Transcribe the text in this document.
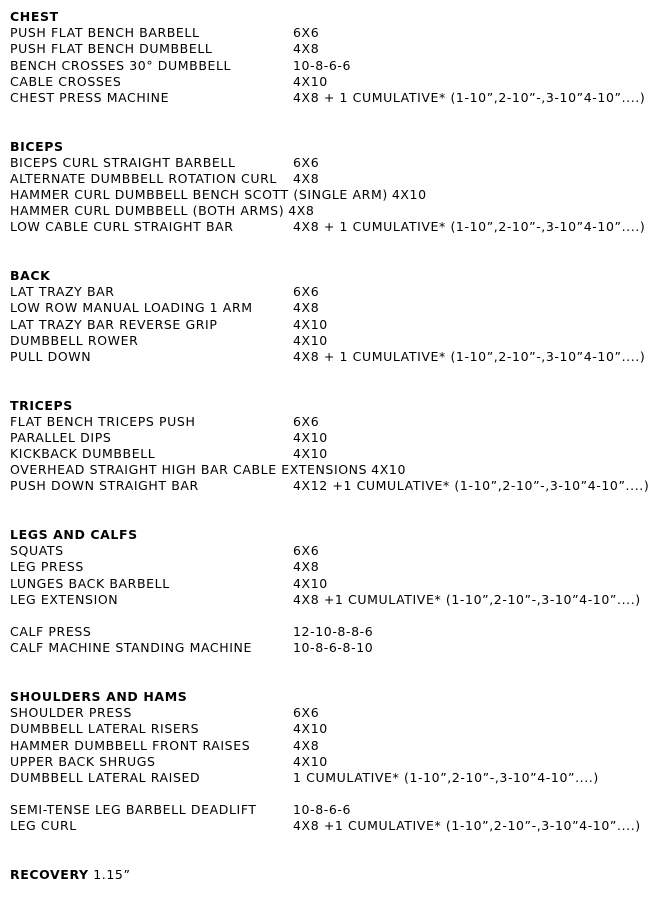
CHEST
PUSH FLAT BENCH BARBELL	6X6
PUSH FLAT BENCH DUMBBELL	4X8
BENCH CROSSES 30° DUMBBELL	10-8-6-6
CABLE CROSSES	4X10
CHEST PRESS MACHINE	4X8 + 1 CUMULATIVE* (1-10”,2-10”-,3-10”4-10”....)
BICEPS
BICEPS CURL STRAIGHT BARBELL	6X6
ALTERNATE DUMBBELL ROTATION CURL 4X8
HAMMER CURL DUMBBELL BENCH SCOTT (SINGLE ARM) 4X10
HAMMER CURL DUMBBELL (BOTH ARMS) 4X8
LOW CABLE CURL STRAIGHT BAR	4X8 + 1 CUMULATIVE* (1-10”,2-10”-,3-10”4-10”....)
BACK
LAT TRAZY BAR	6X6
LOW ROW MANUAL LOADING 1 ARM	4X8
LAT TRAZY BAR REVERSE GRIP	4X10
DUMBBELL ROWER	4X10
PULL DOWN	4X8 + 1 CUMULATIVE* (1-10”,2-10”-,3-10”4-10”....)
TRICEPS
FLAT BENCH TRICEPS PUSH	6X6
PARALLEL DIPS	4X10
KICKBACK DUMBBELL	4X10
OVERHEAD STRAIGHT HIGH BAR CABLE EXTENSIONS 4X10
PUSH DOWN STRAIGHT BAR	4X12 +1 CUMULATIVE* (1-10”,2-10”-,3-10”4-10”....)
LEGS AND CALFS
SQUATS	6X6
LEG PRESS	4X8
LUNGES BACK BARBELL	4X10
LEG EXTENSION	4X8 +1 CUMULATIVE* (1-10”,2-10”-,3-10”4-10”....)
CALF PRESS	12-10-8-8-6
CALF MACHINE STANDING MACHINE	10-8-6-8-10
SHOULDERS AND HAMS
SHOULDER PRESS	6X6
DUMBBELL LATERAL RISERS	4X10
HAMMER DUMBBELL FRONT RAISES	4X8
UPPER BACK SHRUGS	4X10
DUMBBELL LATERAL RAISED	1 CUMULATIVE* (1-10”,2-10”-,3-10”4-10”....)
SEMI-TENSE LEG BARBELL DEADLIFT	10-8-6-6
LEG CURL	4X8 +1 CUMULATIVE* (1-10”,2-10”-,3-10”4-10”....)
RECOVERY 1.15”
